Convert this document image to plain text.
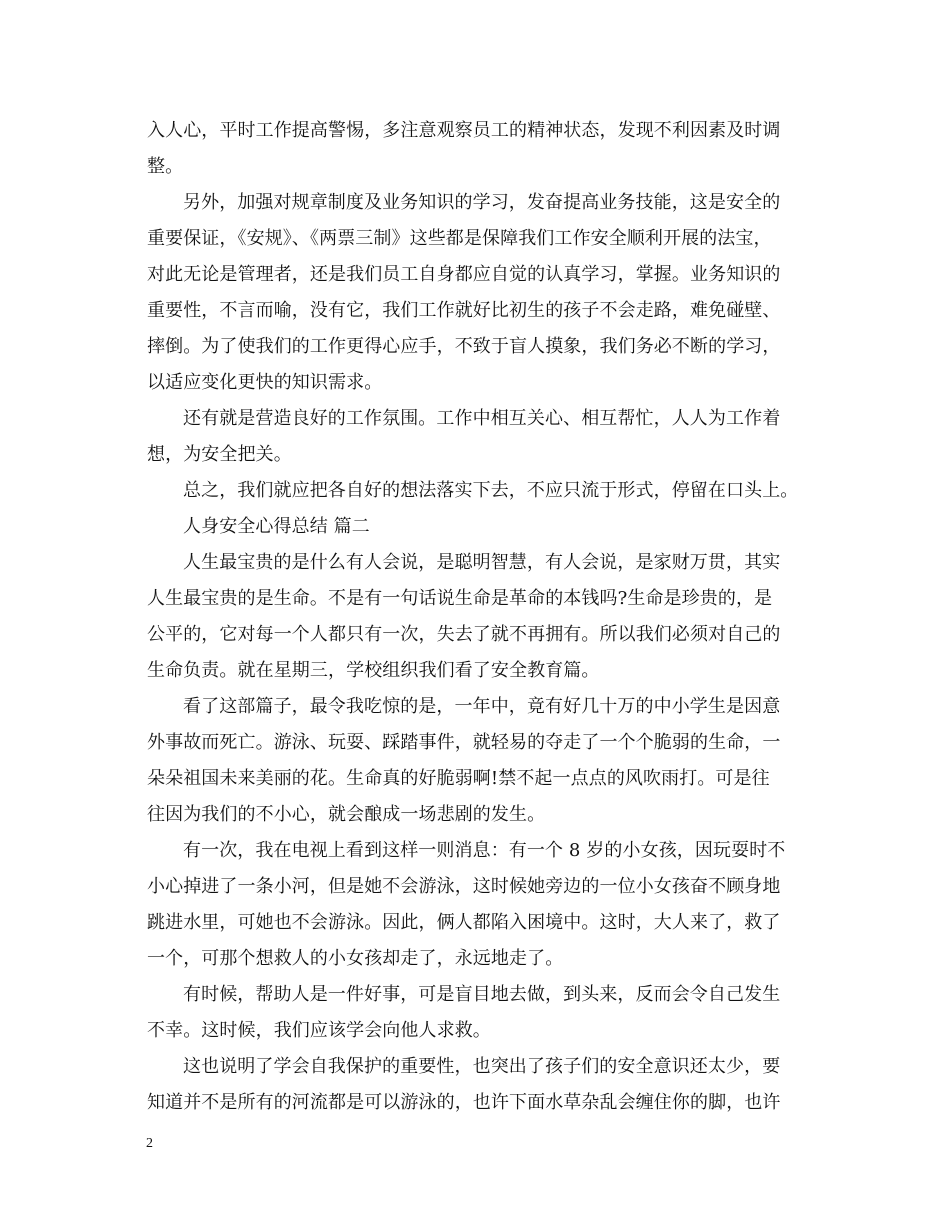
入人心，平时工作提高警惕，多注意观察员工的精神状态，发现不利因素及时调
整。
另外，加强对规章制度及业务知识的学习，发奋提高业务技能，这是安全的
重要保证，《安规》、《两票三制》这些都是保障我们工作安全顺利开展的法宝，
对此无论是管理者，还是我们员工自身都应自觉的认真学习，掌握。业务知识的
重要性，不言而喻，没有它，我们工作就好比初生的孩子不会走路，难免碰壁、
摔倒。为了使我们的工作更得心应手，不致于盲人摸象，我们务必不断的学习，
以适应变化更快的知识需求。
还有就是营造良好的工作氛围。工作中相互关心、相互帮忙，人人为工作着
想，为安全把关。
总之，我们就应把各自好的想法落实下去，不应只流于形式，停留在口头上。
人身安全心得总结 篇二
人生最宝贵的是什么有人会说，是聪明智慧，有人会说，是家财万贯，其实
人生最宝贵的是生命。不是有一句话说生命是革命的本钱吗?生命是珍贵的，是
公平的，它对每一个人都只有一次，失去了就不再拥有。所以我们必须对自己的
生命负责。就在星期三，学校组织我们看了安全教育篇。
看了这部篇子，最令我吃惊的是，一年中，竟有好几十万的中小学生是因意
外事故而死亡。游泳、玩耍、踩踏事件，就轻易的夺走了一个个脆弱的生命，一
朵朵祖国未来美丽的花。生命真的好脆弱啊!禁不起一点点的风吹雨打。可是往
往因为我们的不小心，就会酿成一场悲剧的发生。
有一次，我在电视上看到这样一则消息：有一个 8 岁的小女孩，因玩耍时不
小心掉进了一条小河，但是她不会游泳，这时候她旁边的一位小女孩奋不顾身地
跳进水里，可她也不会游泳。因此，俩人都陷入困境中。这时，大人来了，救了
一个，可那个想救人的小女孩却走了，永远地走了。
有时候，帮助人是一件好事，可是盲目地去做，到头来，反而会令自己发生
不幸。这时候，我们应该学会向他人求救。
这也说明了学会自我保护的重要性，也突出了孩子们的安全意识还太少，要
知道并不是所有的河流都是可以游泳的，也许下面水草杂乱会缠住你的脚，也许
2
